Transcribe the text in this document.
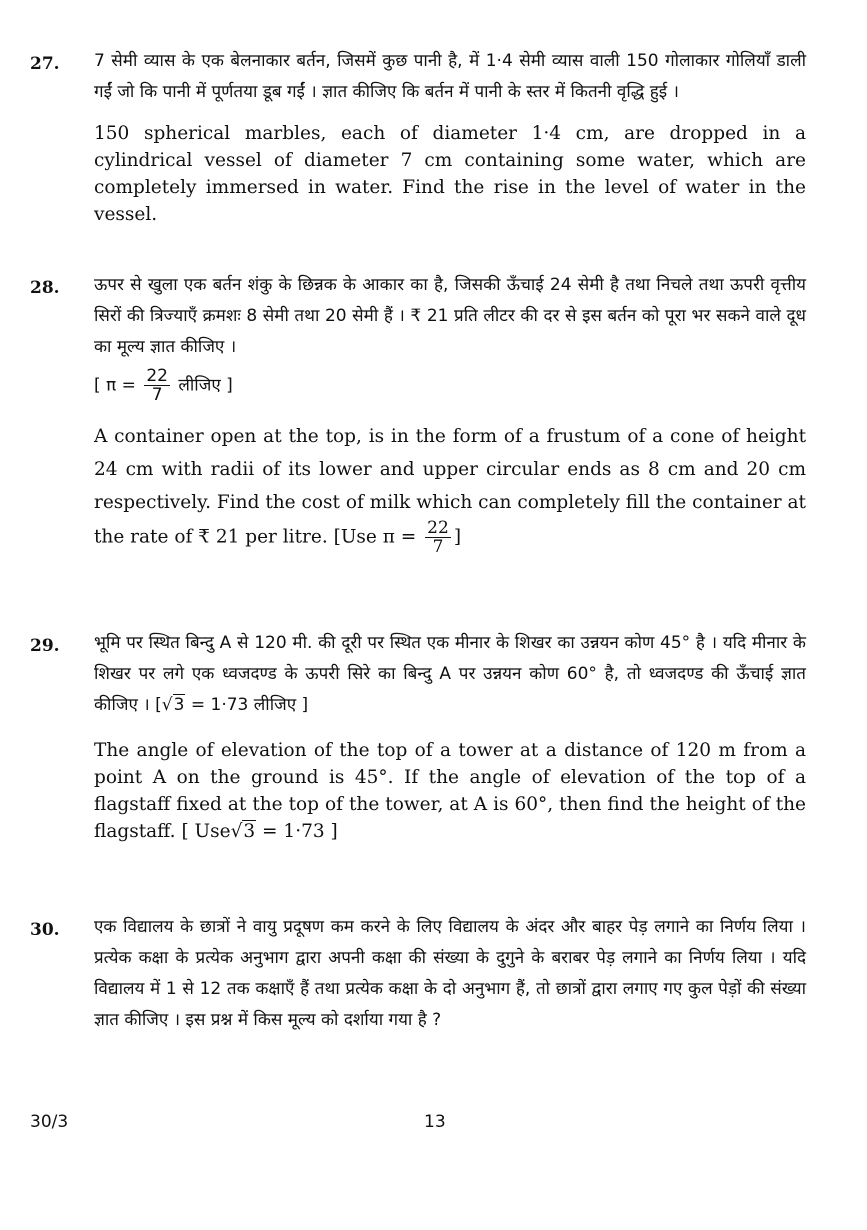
27. 7 सेमी व्यास के एक बेलनाकार बर्तन, जिसमें कुछ पानी है, में 1·4 सेमी व्यास वाली 150 गोलाकार गोलियाँ डाली गईं जो कि पानी में पूर्णतया डूब गईं । ज्ञात कीजिए कि बर्तन में पानी के स्तर में कितनी वृद्धि हुई ।

150 spherical marbles, each of diameter 1·4 cm, are dropped in a cylindrical vessel of diameter 7 cm containing some water, which are completely immersed in water. Find the rise in the level of water in the vessel.

28. ऊपर से खुला एक बर्तन शंकु के छिन्नक के आकार का है, जिसकी ऊँचाई 24 सेमी है तथा निचले तथा ऊपरी वृत्तीय सिरों की त्रिज्याएँ क्रमशः 8 सेमी तथा 20 सेमी हैं । ₹ 21 प्रति लीटर की दर से इस बर्तन को पूरा भर सकने वाले दूध का मूल्य ज्ञात कीजिए ।

[ $\pi = \frac{22}{7}$ लीजिए ]

A container open at the top, is in the form of a frustum of a cone of height 24 cm with radii of its lower and upper circular ends as 8 cm and 20 cm respectively. Find the cost of milk which can completely fill the container at the rate of ₹ 21 per litre. [Use $\pi = \frac{22}{7}$ ]

29. भूमि पर स्थित बिन्दु A से 120 मी. की दूरी पर स्थित एक मीनार के शिखर का उन्नयन कोण 45° है । यदि मीनार के शिखर पर लगे एक ध्वजदण्ड के ऊपरी सिरे का बिन्दु A पर उन्नयन कोण 60° है, तो ध्वजदण्ड की ऊँचाई ज्ञात कीजिए । [√3 = 1·73 लीजिए ]

The angle of elevation of the top of a tower at a distance of 120 m from a point A on the ground is 45°. If the angle of elevation of the top of a flagstaff fixed at the top of the tower, at A is 60°, then find the height of the flagstaff. [ Use√3 = 1·73 ]

30. एक विद्यालय के छात्रों ने वायु प्रदूषण कम करने के लिए विद्यालय के अंदर और बाहर पेड़ लगाने का निर्णय लिया । प्रत्येक कक्षा के प्रत्येक अनुभाग द्वारा अपनी कक्षा की संख्या के दुगुने के बराबर पेड़ लगाने का निर्णय लिया । यदि विद्यालय में 1 से 12 तक कक्षाएँ हैं तथा प्रत्येक कक्षा के दो अनुभाग हैं, तो छात्रों द्वारा लगाए गए कुल पेड़ों की संख्या ज्ञात कीजिए । इस प्रश्न में किस मूल्य को दर्शाया गया है ?

30/3	13
